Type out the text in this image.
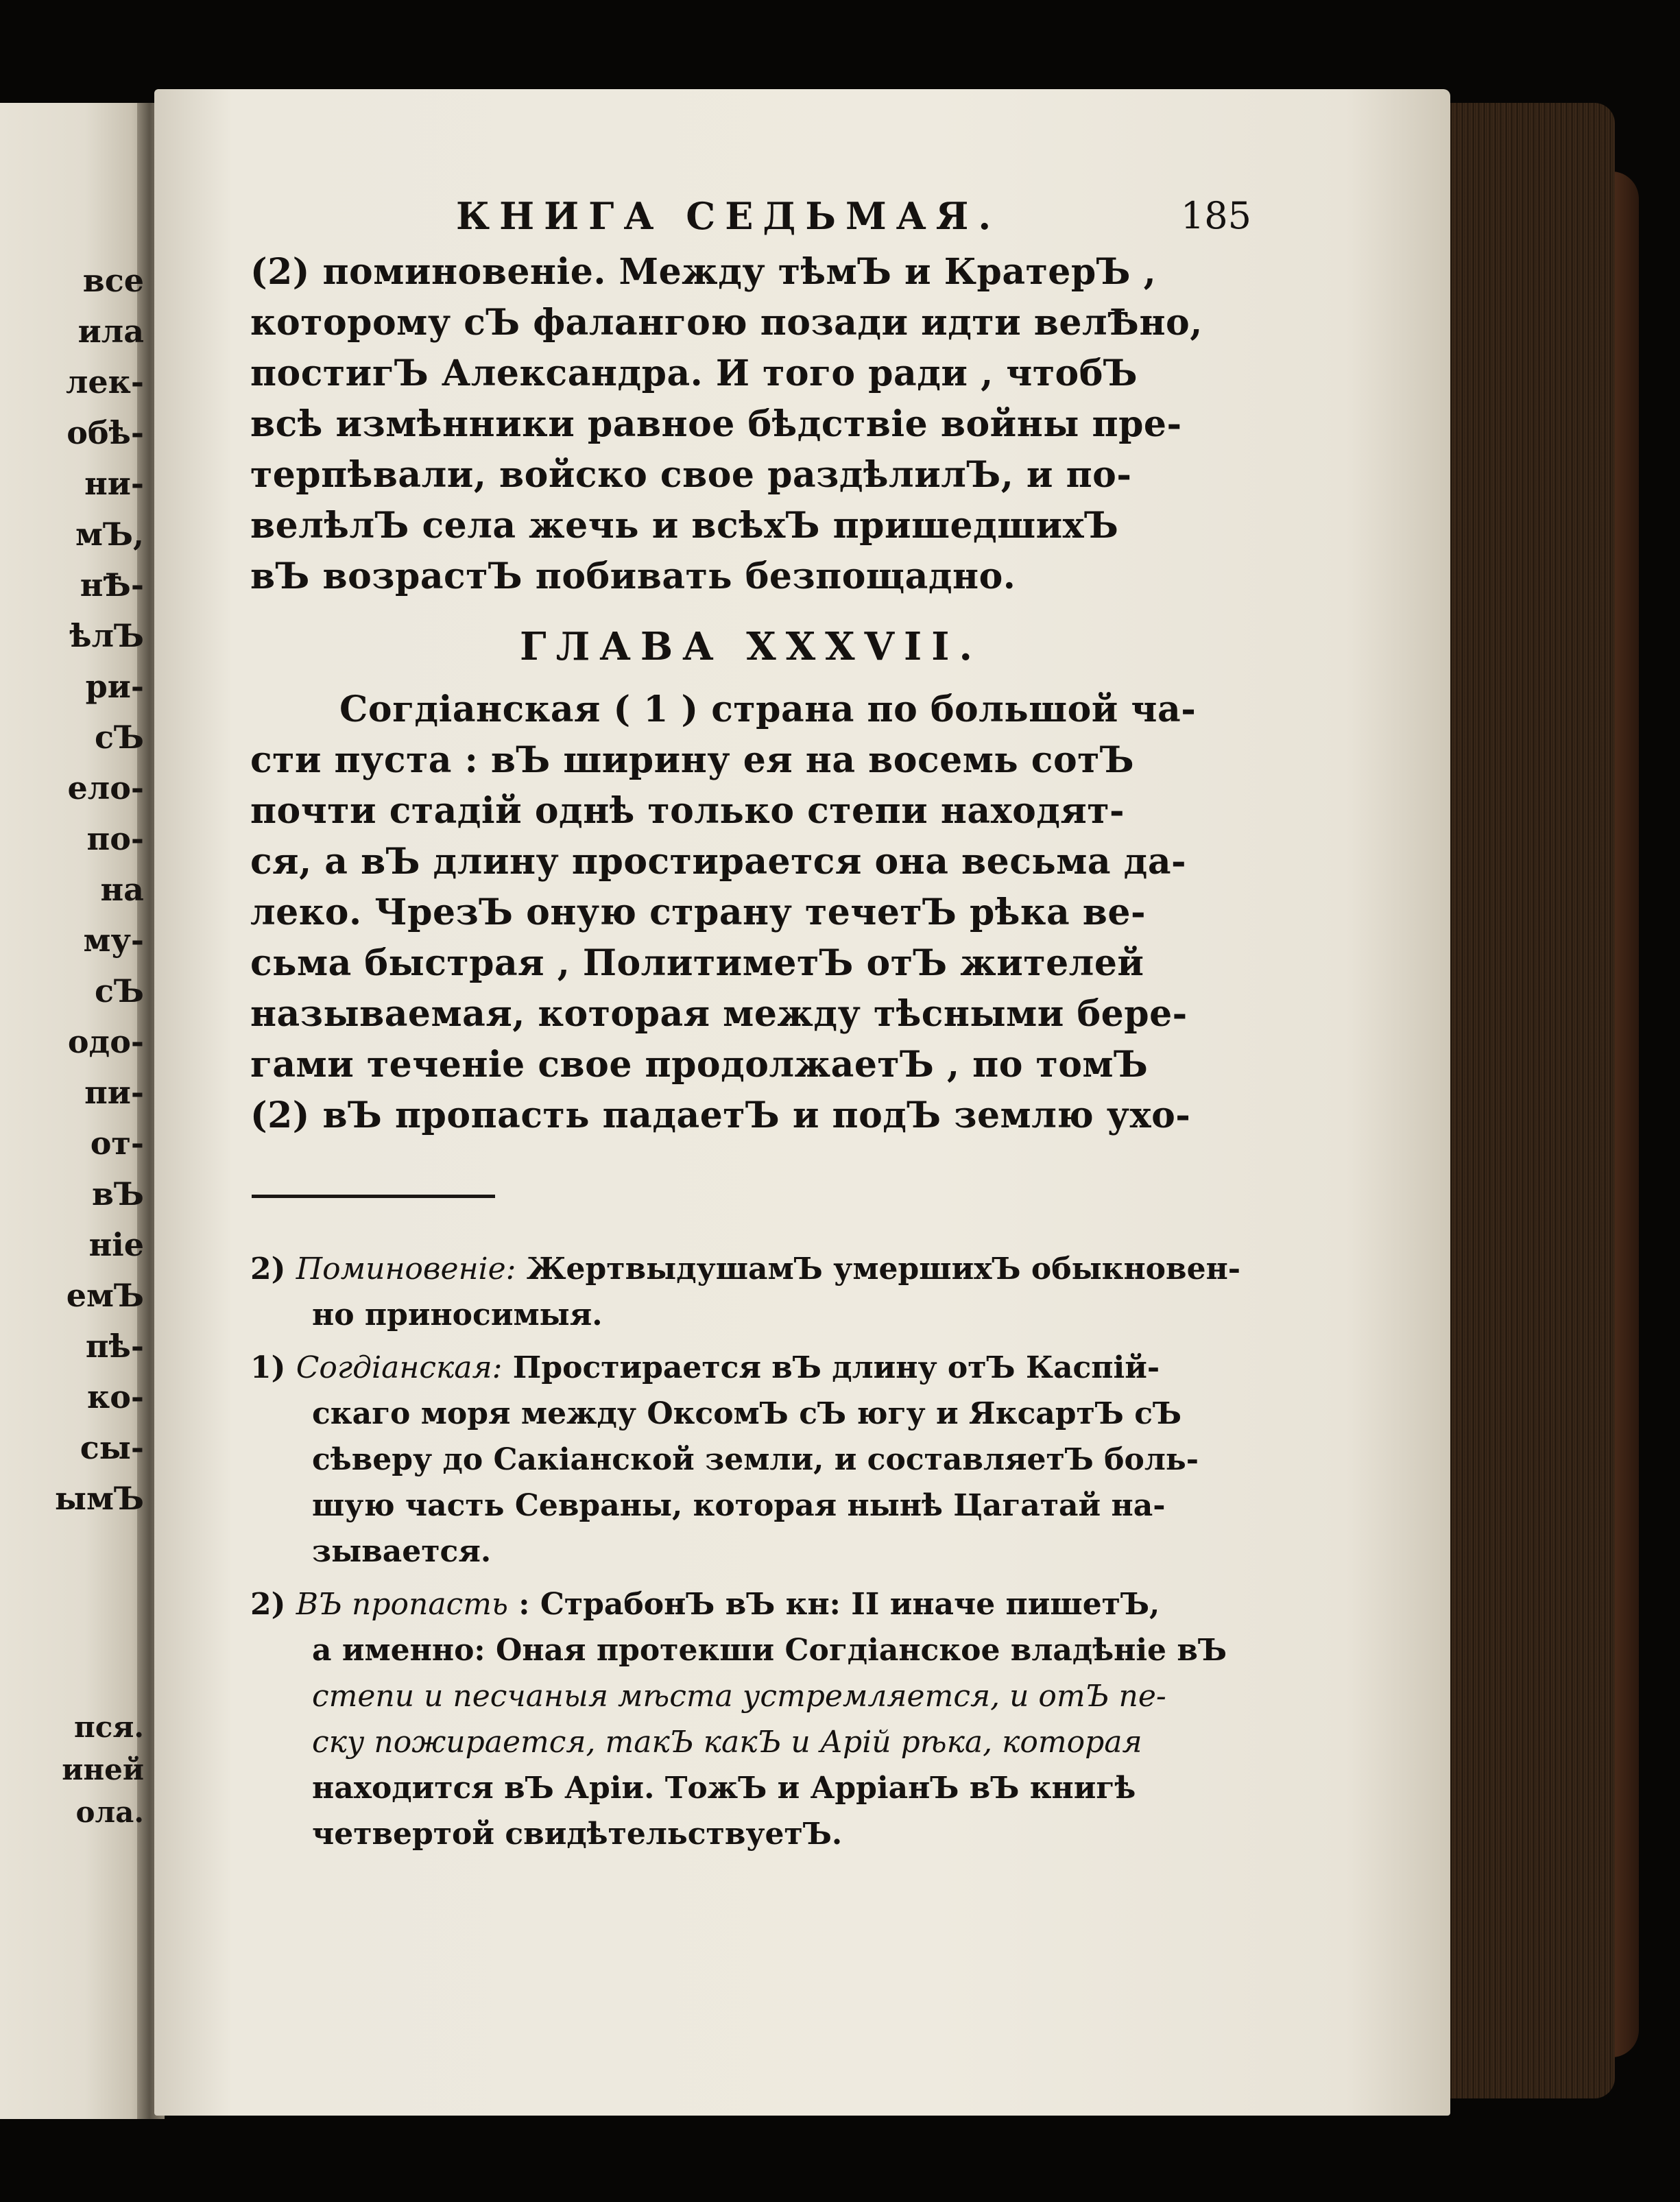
все
ила
лек-
обѣ-
ни-
мЪ,
нѢ-
ѣлЪ
ри-
сЪ
ело-
по-
на
му-
сЪ
одо-
пи-
от-
вЪ
ніе
емЪ
пѣ-
ко-
сы-
ымЪ
пся.
иней
ола.
КНИГА СЕДЬМАЯ.	185
(2) поминовеніе. Между тѣмЪ и КратерЪ ,
которому сЪ фалангою позади идти велѢно,
постигЪ Александра. И того ради , чтобЪ
всѣ измѣнники равное бѣдствіе войны пре-
терпѣвали, войско свое раздѣлилЪ, и по-
велѣлЪ села жечь и всѣхЪ пришедшихЪ
вЪ возрастЪ побивать безпощадно.
ГЛАВА XXXVII.
Согдіанская ( 1 ) страна по большой ча-
сти пуста : вЪ ширину ея на восемь сотЪ
почти стадій однѣ только степи находят-
ся, а вЪ длину простирается она весьма да-
леко. ЧрезЪ оную страну течетЪ рѣка ве-
сьма быстрая , ПолитиметЪ отЪ жителей
называемая, которая между тѣсными бере-
гами теченіе свое продолжаетЪ , по томЪ
(2) вЪ пропасть падаетЪ и подЪ землю ухо-
2) Поминовеніе: ЖертвыдушамЪ умершихЪ обыкновен-
но приносимыя.
1) Согдіанская: Простирается вЪ длину отЪ Каспій-
скаго моря между ОксомЪ сЪ югу и ЯксартЪ сЪ
сѣверу до Сакіанской земли, и составляетЪ боль-
шую часть Севраны, которая нынѣ Цагатай на-
зывается.
2) ВЪ пропасть : СтрабонЪ вЪ кн: II иначе пишетЪ,
а именно: Оная протекши Согдіанское владѣніе вЪ
степи и песчаныя мѣста устремляется, и отЪ пе-
ску пожирается, такЪ какЪ и Арій рѣка, которая
находится вЪ Аріи. ТожЪ и АрріанЪ вЪ книгѣ
четвертой свидѣтельствуетЪ.
